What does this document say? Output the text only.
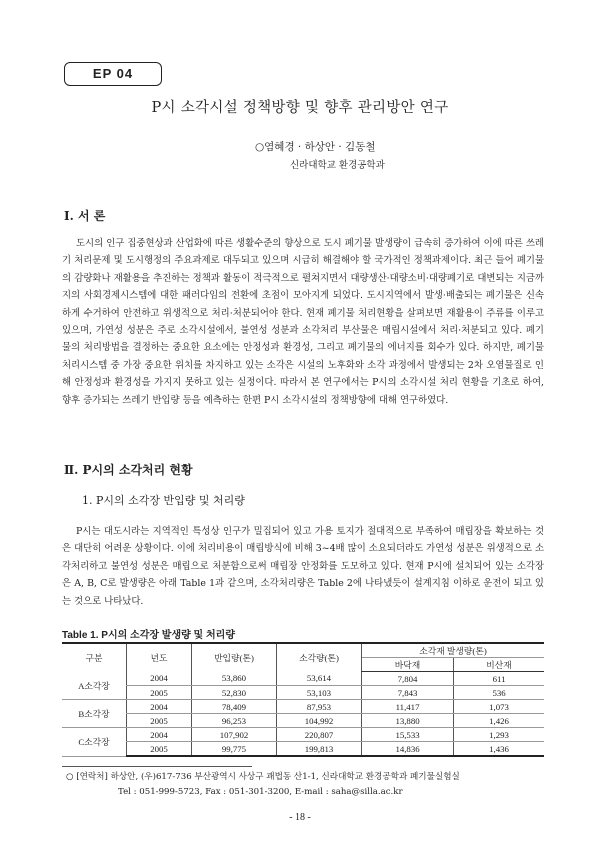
EP 04
P시 소각시설 정책방향 및 향후 관리방안 연구
○염혜경 · 하상안 · 김동철
신라대학교 환경공학과
Ⅰ. 서 론

도시의 인구 집중현상과 산업화에 따른 생활수준의 향상으로 도시 폐기물 발생량이 급속히 증가하여 이에 따른 쓰레기 처리문제 및 도시행정의 주요과제로 대두되고 있으며 시급히 해결해야 할 국가적인 정책과제이다. 최근 들어 폐기물의 감량화나 재활용을 추진하는 정책과 활동이 적극적으로 펼쳐지면서 대량생산·대량소비·대량폐기로 대변되는 지금까지의 사회경제시스템에 대한 패러다임의 전환에 초점이 모아지게 되었다. 도시지역에서 발생·배출되는 폐기물은 신속하게 수거하여 안전하고 위생적으로 처리·처분되어야 한다. 현재 폐기물 처리현황을 살펴보면 재활용이 주류를 이루고 있으며, 가연성 성분은 주로 소각시설에서, 불연성 성분과 소각처리 부산물은 매립시설에서 처리·처분되고 있다. 폐기물의 처리방법을 결정하는 중요한 요소에는 안정성과 환경성, 그리고 폐기물의 에너지를 회수가 있다. 하지만, 폐기물 처리시스템 중 가장 중요한 위치를 차지하고 있는 소각은 시설의 노후화와 소각 과정에서 발생되는 2차 오염물질로 인해 안정성과 환경성을 가지지 못하고 있는 실정이다. 따라서 본 연구에서는 P시의 소각시설 처리 현황을 기초로 하여, 향후 증가되는 쓰레기 반입량 등을 예측하는 한편 P시 소각시설의 정책방향에 대해 연구하였다.

Ⅱ. P시의 소각처리 현황
1. P시의 소각장 반입량 및 처리량

P시는 대도시라는 지역적인 특성상 인구가 밀집되어 있고 가용 토지가 절대적으로 부족하여 매립장을 확보하는 것은 대단히 어려운 상황이다. 이에 처리비용이 매립방식에 비해 3~4배 많이 소요되더라도 가연성 성분은 위생적으로 소각처리하고 불연성 성분은 매립으로 처분함으로써 매립장 안정화를 도모하고 있다. 현재 P시에 설치되어 있는 소각장은 A, B, C로 발생량은 아래 Table 1과 같으며, 소각처리량은 Table 2에 나타냈듯이 설계지침 이하로 운전이 되고 있는 것으로 나타났다.

Table 1. P시의 소각장 발생량 및 처리량
구분	년도	반입량(톤)	소각량(톤)	소각재 발생량(톤)	
				바닥재	비산재
A소각장	2004	53,860	53,614	7,804	611
	2005	52,830	53,103	7,843	536
B소각장	2004	78,409	87,953	11,417	1,073
	2005	96,253	104,992	13,880	1,426
C소각장	2004	107,902	220,807	15,533	1,293
	2005	99,775	199,813	14,836	1,436
○ [연락처] 하상안, (우)617-736 부산광역시 사상구 괘법동 산1-1, 신라대학교 환경공학과 폐기물실험실
Tel : 051-999-5723, Fax : 051-301-3200, E-mail : saha@silla.ac.kr
- 18 -
